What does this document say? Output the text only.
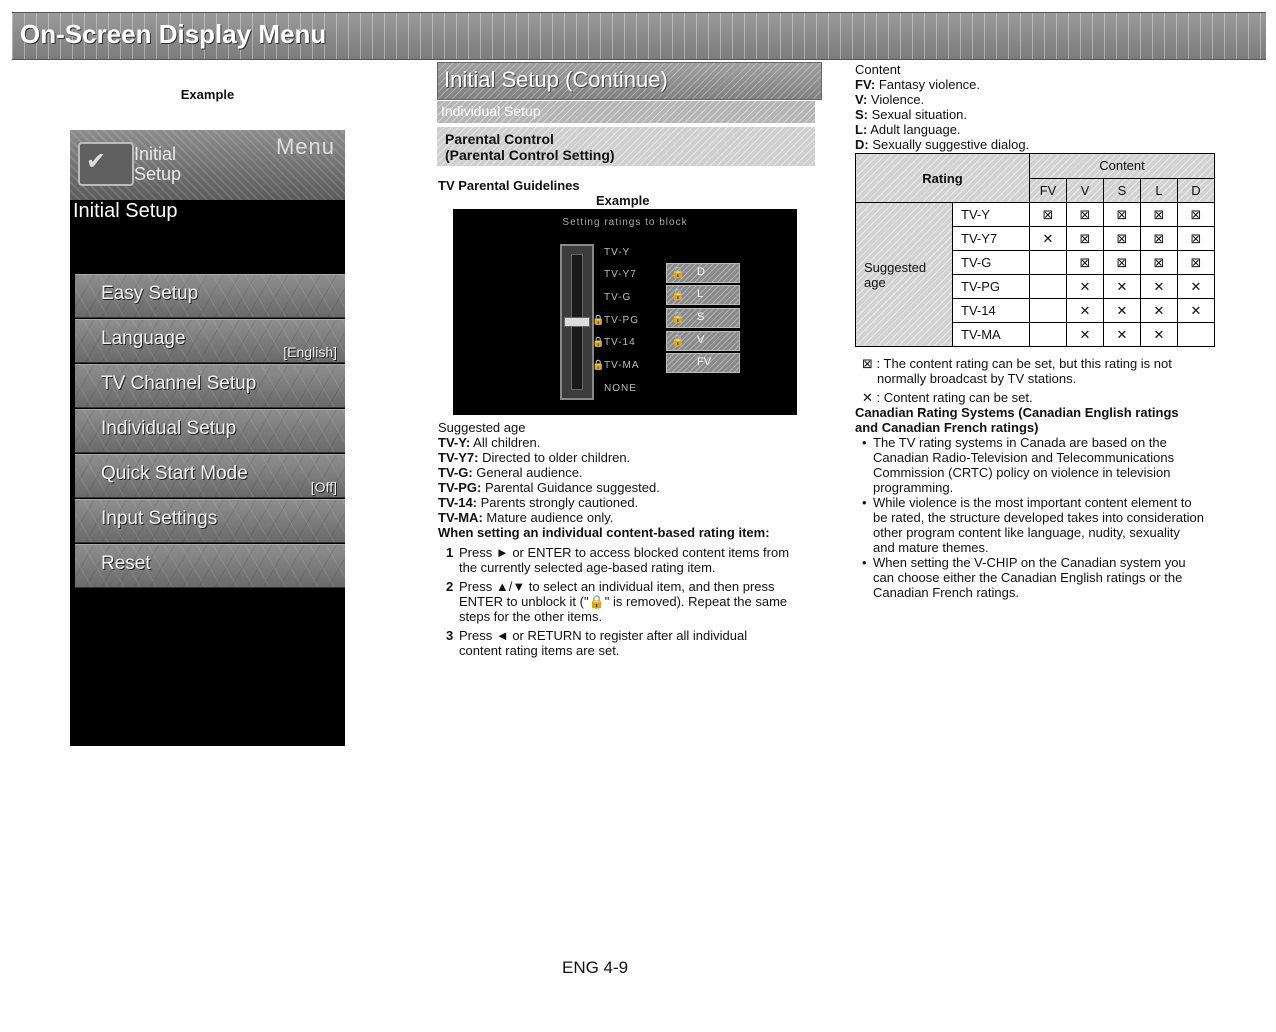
On-Screen Display Menu
Example
✔ Initial
Setup
Menu
Initial Setup
Easy Setup
Language
[English]
TV Channel Setup
Individual Setup
Quick Start Mode
[Off]
Input Settings
Reset
Initial Setup (Continue)
Individual Setup
Parental Control
(Parental Control Setting)
TV Parental Guidelines
Example
Setting ratings to block
TV-Y
TV-Y7
TV-G
🔒TV-PG
🔒TV-14
🔒TV-MA
NONE
🔒 D
🔒 L
🔒 S
🔒 V
FV
Suggested age
TV-Y: All children.
TV-Y7: Directed to older children.
TV-G: General audience.
TV-PG: Parental Guidance suggested.
TV-14: Parents strongly cautioned.
TV-MA: Mature audience only.
When setting an individual content-based rating item:
1 Press ► or ENTER to access blocked content items from
the currently selected age-based rating item.
2 Press ▲/▼ to select an individual item, and then press
ENTER to unblock it ("🔒" is removed). Repeat the same
steps for the other items.
3 Press ◄ or RETURN to register after all individual
content rating items are set.
Content
FV: Fantasy violence.
V: Violence.
S: Sexual situation.
L: Adult language.
D: Sexually suggestive dialog.
Rating		Content				
		FV	V	S	L	D

Suggested
age	TV-Y	⊠	⊠	⊠	⊠	⊠
	TV-Y7	✕	⊠	⊠	⊠	⊠
	TV-G		⊠	⊠	⊠	⊠
	TV-PG		✕	✕	✕	✕
	TV-14		✕	✕	✕	✕
	TV-MA		✕	✕	✕	
⊠ : The content rating can be set, but this rating is not
normally broadcast by TV stations.
✕ : Content rating can be set.
Canadian Rating Systems (Canadian English ratings
and Canadian French ratings)
• The TV rating systems in Canada are based on the
Canadian Radio-Television and Telecommunications
Commission (CRTC) policy on violence in television
programming.
• While violence is the most important content element to
be rated, the structure developed takes into consideration
other program content like language, nudity, sexuality
and mature themes.
• When setting the V-CHIP on the Canadian system you
can choose either the Canadian English ratings or the
Canadian French ratings.
ENG 4-9
